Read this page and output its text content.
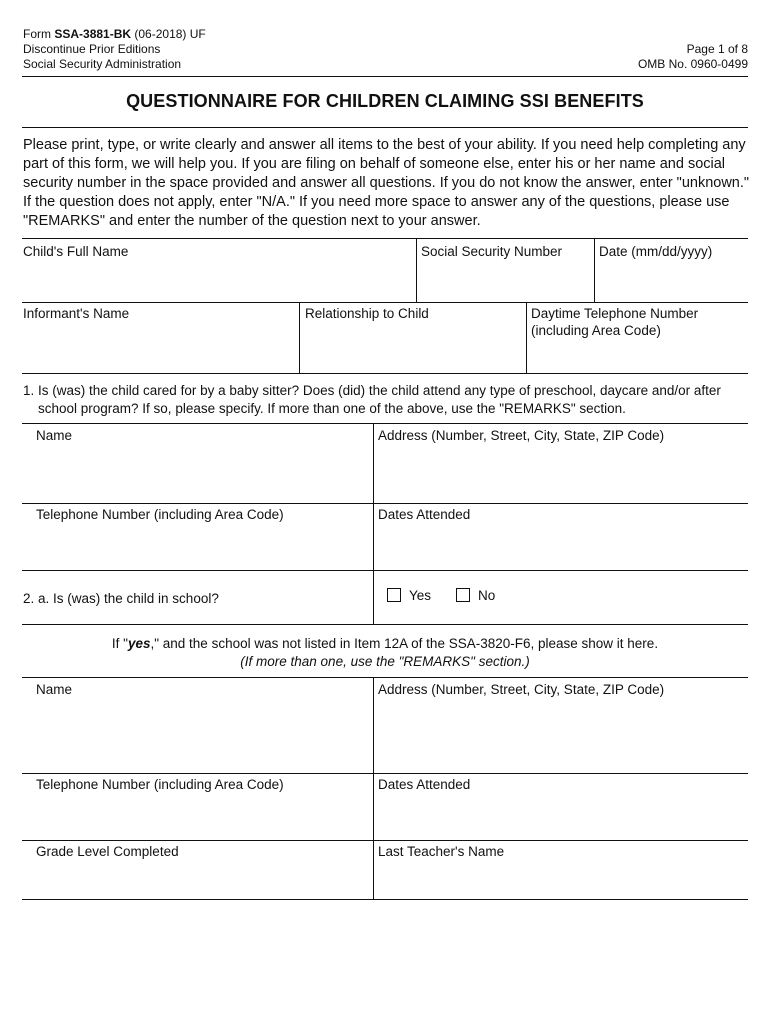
Form SSA-3881-BK (06-2018) UF
Discontinue Prior Editions
Social Security Administration
Page 1 of 8
OMB No. 0960-0499
QUESTIONNAIRE FOR CHILDREN CLAIMING SSI BENEFITS
Please print, type, or write clearly and answer all items to the best of your ability. If you need help completing any part of this form, we will help you. If you are filing on behalf of someone else, enter his or her name and social security number in the space provided and answer all questions. If you do not know the answer, enter "unknown." If the question does not apply, enter "N/A." If you need more space to answer any of the questions, please use "REMARKS" and enter the number of the question next to your answer.
Child's Full Name	Social Security Number	Date (mm/dd/yyyy)
Informant's Name	Relationship to Child	Daytime Telephone Number
(including Area Code)
1. Is (was) the child cared for by a baby sitter? Does (did) the child attend any type of preschool, daycare and/or after
school program? If so, please specify. If more than one of the above, use the "REMARKS" section.
Name	Address (Number, Street, City, State, ZIP Code)
Telephone Number (including Area Code)	Dates Attended
2. a. Is (was) the child in school?	Yes	No
If "yes," and the school was not listed in Item 12A of the SSA-3820-F6, please show it here.
(If more than one, use the "REMARKS" section.)
Name	Address (Number, Street, City, State, ZIP Code)
Telephone Number (including Area Code)	Dates Attended
Grade Level Completed	Last Teacher's Name
